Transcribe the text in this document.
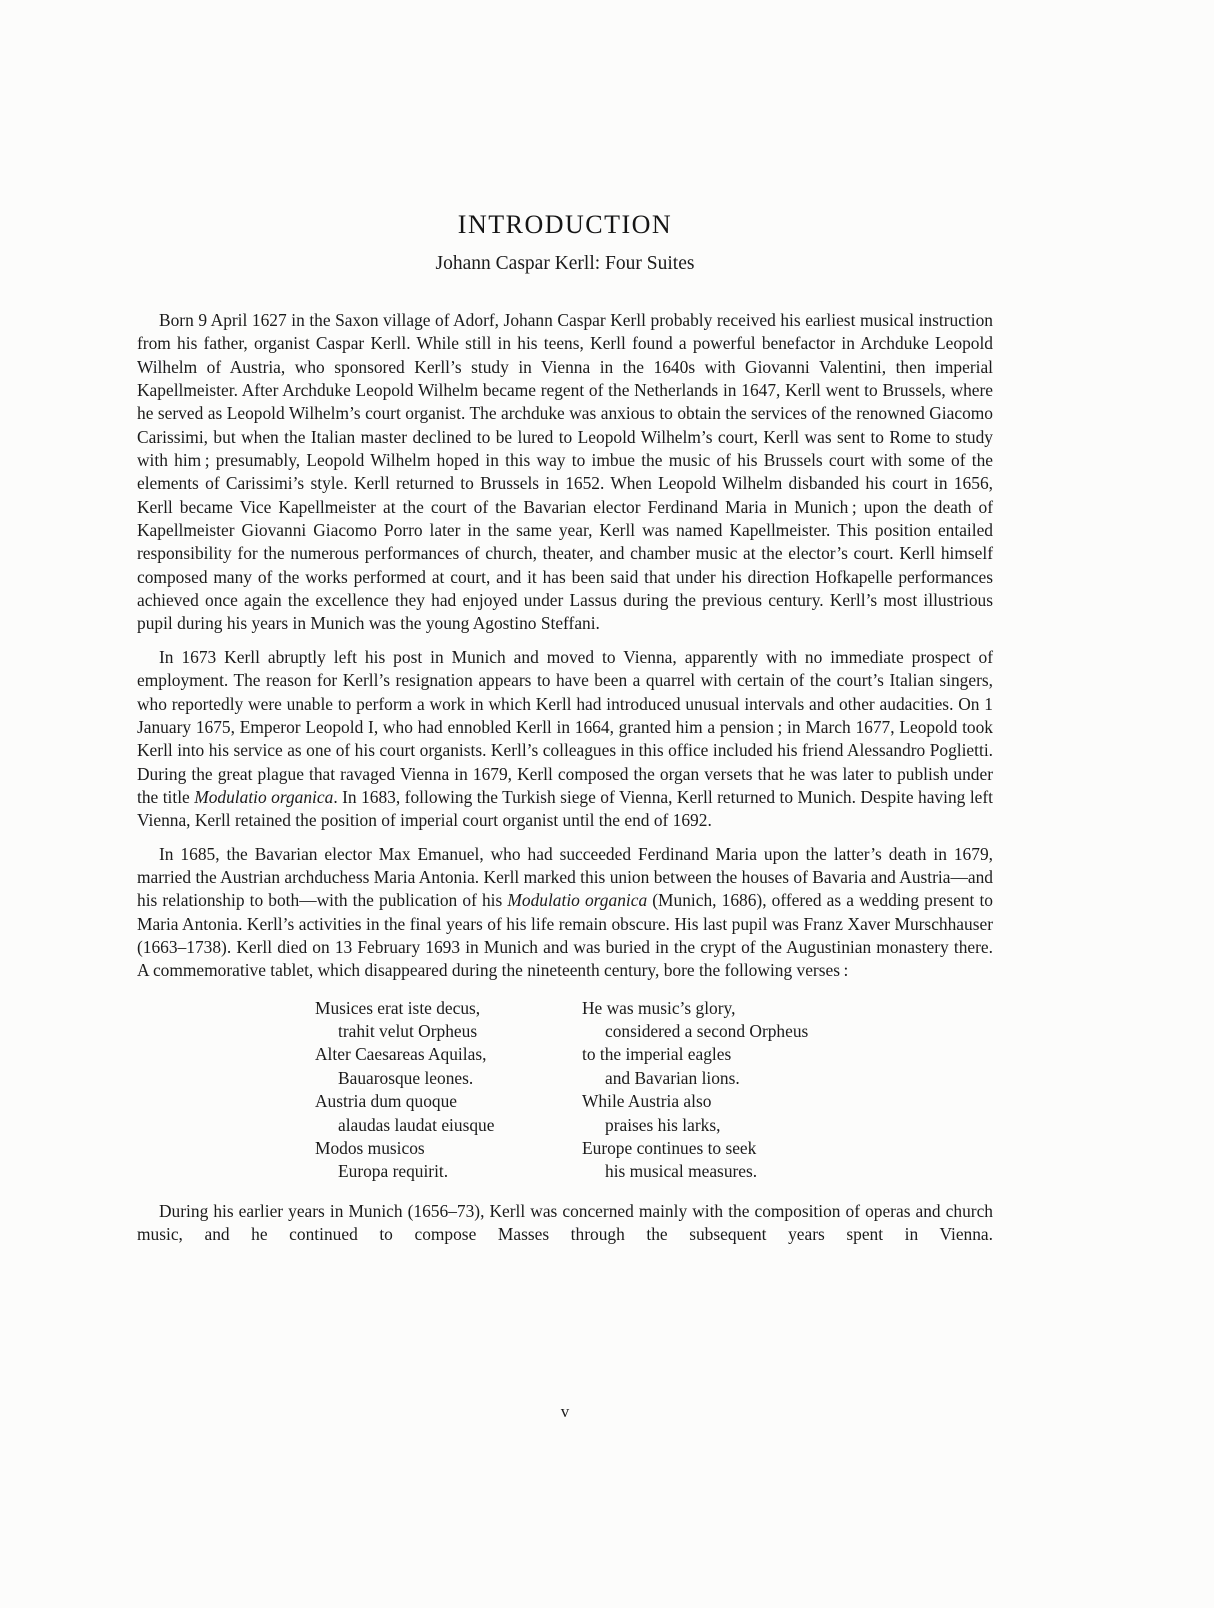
INTRODUCTION
Johann Caspar Kerll: Four Suites

Born 9 April 1627 in the Saxon village of Adorf, Johann Caspar Kerll probably received his earliest musical instruction from his father, organist Caspar Kerll. While still in his teens, Kerll found a powerful benefactor in Archduke Leopold Wilhelm of Austria, who sponsored Kerll’s study in Vienna in the 1640s with Giovanni Valentini, then imperial Kapellmeister. After Archduke Leopold Wilhelm became regent of the Netherlands in 1647, Kerll went to Brussels, where he served as Leopold Wilhelm’s court organist. The archduke was anxious to obtain the services of the renowned Giacomo Carissimi, but when the Italian master declined to be lured to Leopold Wilhelm’s court, Kerll was sent to Rome to study with him ; presumably, Leopold Wilhelm hoped in this way to imbue the music of his Brussels court with some of the elements of Carissimi’s style. Kerll returned to Brussels in 1652. When Leopold Wilhelm disbanded his court in 1656, Kerll became Vice Kapellmeister at the court of the Bavarian elector Ferdinand Maria in Munich ; upon the death of Kapellmeister Giovanni Giacomo Porro later in the same year, Kerll was named Kapellmeister. This position entailed responsibility for the numerous performances of church, theater, and chamber music at the elector’s court. Kerll himself composed many of the works performed at court, and it has been said that under his direction Hofkapelle performances achieved once again the excellence they had enjoyed under Lassus during the previous century. Kerll’s most illustrious pupil during his years in Munich was the young Agostino Steffani.

In 1673 Kerll abruptly left his post in Munich and moved to Vienna, apparently with no immediate prospect of employment. The reason for Kerll’s resignation appears to have been a quarrel with certain of the court’s Italian singers, who reportedly were unable to perform a work in which Kerll had introduced unusual intervals and other audacities. On 1 January 1675, Emperor Leopold I, who had ennobled Kerll in 1664, granted him a pension ; in March 1677, Leopold took Kerll into his service as one of his court organists. Kerll’s colleagues in this office included his friend Alessandro Poglietti. During the great plague that ravaged Vienna in 1679, Kerll composed the organ versets that he was later to publish under the title Modulatio organica. In 1683, following the Turkish siege of Vienna, Kerll returned to Munich. Despite having left Vienna, Kerll retained the position of imperial court organist until the end of 1692.

In 1685, the Bavarian elector Max Emanuel, who had succeeded Ferdinand Maria upon the latter’s death in 1679, married the Austrian archduchess Maria Antonia. Kerll marked this union between the houses of Bavaria and Austria—and his relationship to both—with the publication of his Modulatio organica (Munich, 1686), offered as a wedding present to Maria Antonia. Kerll’s activities in the final years of his life remain obscure. His last pupil was Franz Xaver Murschhauser (1663–1738). Kerll died on 13 February 1693 in Munich and was buried in the crypt of the Augustinian monastery there. A commemorative tablet, which disappeared during the nineteenth century, bore the following verses :

Musices erat iste decus,
trahit velut Orpheus
Alter Caesareas Aquilas,
Bauarosque leones.
Austria dum quoque
alaudas laudat eiusque
Modos musicos
Europa requirit.
He was music’s glory,
considered a second Orpheus
to the imperial eagles
and Bavarian lions.
While Austria also
praises his larks,
Europe continues to seek
his musical measures.

During his earlier years in Munich (1656–73), Kerll was concerned mainly with the composition of operas and church music, and he continued to compose Masses through the subsequent years spent in Vienna.

v
